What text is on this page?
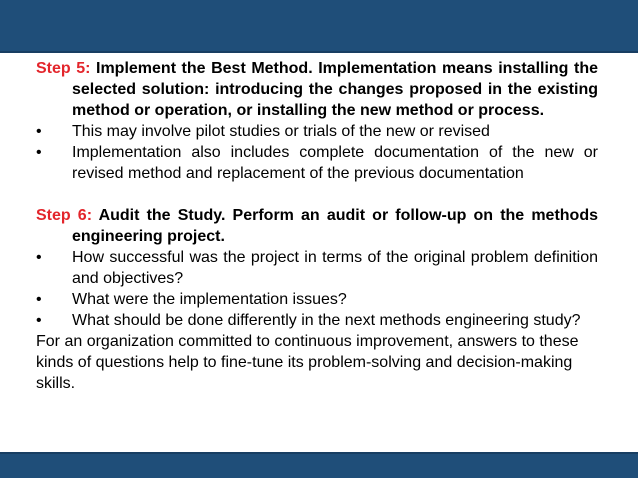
Step 5: Implement the Best Method. Implementation means installing the selected solution: introducing the changes proposed in the existing method or operation, or installing the new method or process.
•	This may involve pilot studies or trials of the new or revised
•	Implementation also includes complete documentation of the new or revised method and replacement of the previous documentation
Step 6: Audit the Study. Perform an audit or follow-up on the methods engineering project.
•	How successful was the project in terms of the original problem definition and objectives?
•	What were the implementation issues?
•	What should be done differently in the next methods engineering study?
For an organization committed to continuous improvement, answers to these kinds of questions help to fine-tune its problem-solving and decision-making skills.
